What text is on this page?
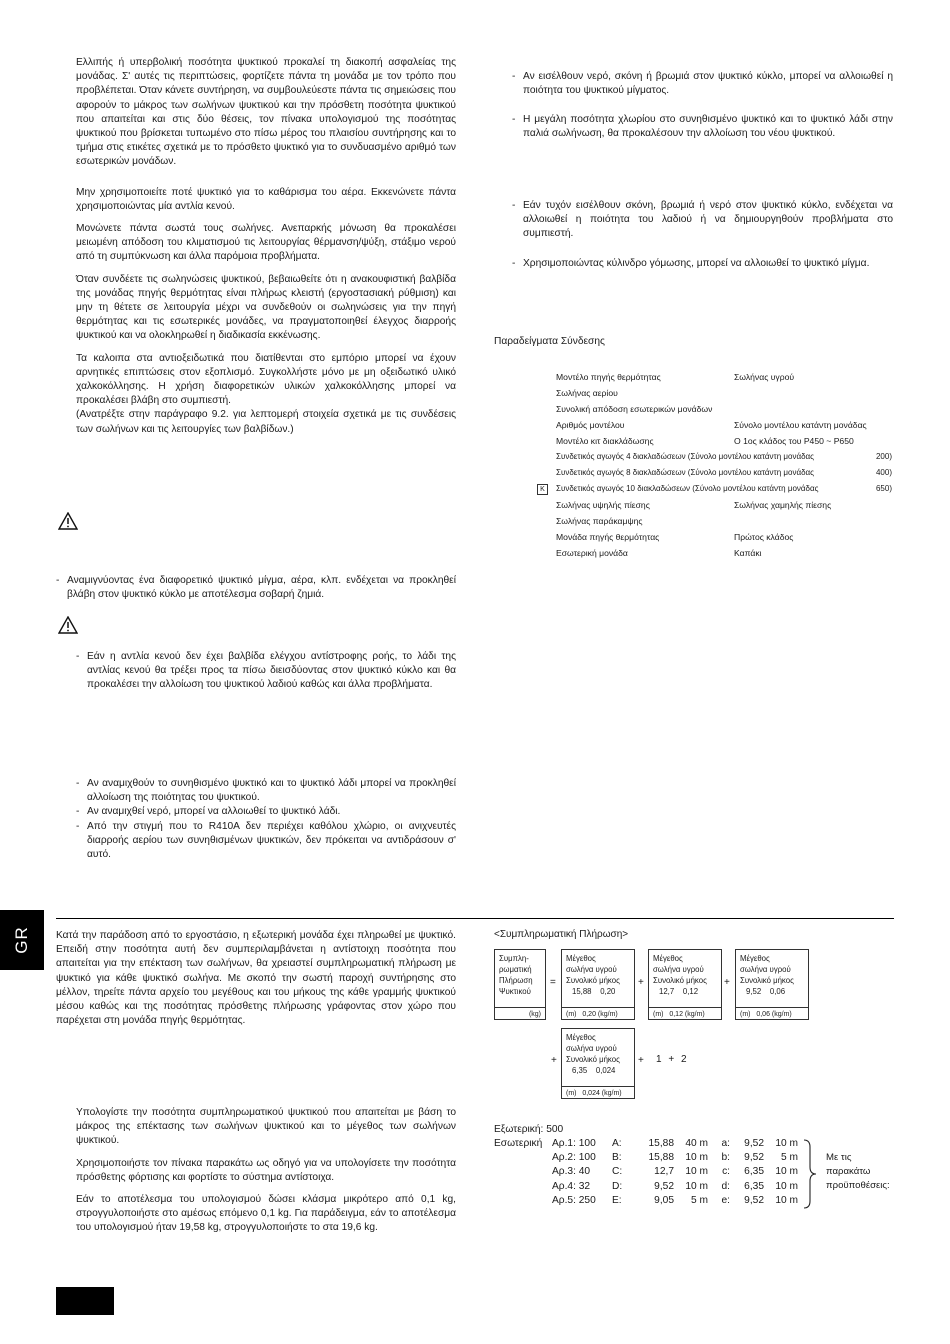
Ελλιπής ή υπερβολική ποσότητα ψυκτικού προκαλεί τη διακοπή ασφαλείας της μονάδας. Σ' αυτές τις περιπτώσεις, φορτίζετε πάντα τη μονάδα με τον τρόπο που προβλέπεται. Όταν κάνετε συντήρηση, να συμβουλεύεστε πάντα τις σημειώσεις που αφορούν το μάκρος των σωλήνων ψυκτικού και την πρόσθετη ποσότητα ψυκτικού που απαιτείται και στις δύο θέσεις, τον πίνακα υπολογισμού της ποσότητας ψυκτικού που βρίσκεται τυπωμένο στο πίσω μέρος του πλαισίου συντήρησης και το τμήμα στις ετικέτες σχετικά με το πρόσθετο ψυκτικό για το συνδυασμένο αριθμό των εσωτερικών μονάδων.

Μην χρησιμοποιείτε ποτέ ψυκτικό για το καθάρισμα του αέρα. Εκκενώνετε πάντα χρησιμοποιώντας μία αντλία κενού.

Μονώνετε πάντα σωστά τους σωλήνες. Ανεπαρκής μόνωση θα προκαλέσει μειωμένη απόδοση του κλιματισμού τις λειτουργίας θέρμανση/ψύξη, στάξιμο νερού από τη συμπύκνωση και άλλα παρόμοια προβλήματα.

Όταν συνδέετε τις σωληνώσεις ψυκτικού, βεβαιωθείτε ότι η ανακουφιστική βαλβίδα της μονάδας πηγής θερμότητας είναι πλήρως κλειστή (εργοστασιακή ρύθμιση) και μην τη θέτετε σε λειτουργία μέχρι να συνδεθούν οι σωληνώσεις για την πηγή θερμότητας και τις εσωτερικές μονάδες, να πραγματοποιηθεί έλεγχος διαρροής ψυκτικού και να ολοκληρωθεί η διαδικασία εκκένωσης.

Τα καλοιπα στα αντιοξειδωτικά που διατίθενται στο εμπόριο μπορεί να έχουν αρνητικές επιπτώσεις στον εξοπλισμό. Συγκολλήστε μόνο με μη οξειδωτικό υλικό χαλκοκόλλησης. Η χρήση διαφορετικών υλικών χαλκοκόλλησης μπορεί να προκαλέσει βλάβη στο συμπιεστή.

(Ανατρέξτε στην παράγραφο 9.2. για λεπτομερή στοιχεία σχετικά με τις συνδέσεις των σωλήνων και τις λειτουργίες των βαλβίδων.)

- Αναμιγνύοντας ένα διαφορετικό ψυκτικό μίγμα, αέρα, κλπ. ενδέχεται να προκληθεί βλάβη στον ψυκτικό κύκλο με αποτέλεσμα σοβαρή ζημιά.

- Εάν η αντλία κενού δεν έχει βαλβίδα ελέγχου αντίστροφης ροής, το λάδι της αντλίας κενού θα τρέξει προς τα πίσω διεισδύοντας στον ψυκτικό κύκλο και θα προκαλέσει την αλλοίωση του ψυκτικού λαδιού καθώς και άλλα προβλήματα.

- Αν αναμιχθούν το συνηθισμένο ψυκτικό και το ψυκτικό λάδι μπορεί να προκληθεί αλλοίωση της ποιότητας του ψυκτικού.

- Αν αναμιχθεί νερό, μπορεί να αλλοιωθεί το ψυκτικό λάδι.

- Από την στιγμή που το R410A δεν περιέχει καθόλου χλώριο, οι ανιχνευτές διαρροής αερίου των συνηθισμένων ψυκτικών, δεν πρόκειται να αντιδράσουν σ' αυτό.

- Αν εισέλθουν νερό, σκόνη ή βρωμιά στον ψυκτικό κύκλο, μπορεί να αλλοιωθεί η ποιότητα του ψυκτικού μίγματος.

- Η μεγάλη ποσότητα χλωρίου στο συνηθισμένο ψυκτικό και το ψυκτικό λάδι στην παλιά σωλήνωση, θα προκαλέσουν την αλλοίωση του νέου ψυκτικού.

- Εάν τυχόν εισέλθουν σκόνη, βρωμιά ή νερό στον ψυκτικό κύκλο, ενδέχεται να αλλοιωθεί η ποιότητα του λαδιού ή να δημιουργηθούν προβλήματα στο συμπιεστή.

- Χρησιμοποιώντας κύλινδρο γόμωσης, μπορεί να αλλοιωθεί το ψυκτικό μίγμα.

Παραδείγματα Σύνδεσης
Μοντέλο πηγής θερμότητας	Σωλήνας υγρού
Σωλήνας αερίου
Συνολική απόδοση εσωτερικών μονάδων
Αριθμός μοντέλου	Σύνολο μοντέλου κατάντη μονάδας
Μοντέλο κιτ διακλάδωσης	Ο 1ος κλάδος του P450 ~ P650
Συνδετικός αγωγός 4 διακλαδώσεων (Σύνολο μοντέλου κατάντη μονάδας	200)
Συνδετικός αγωγός 8 διακλαδώσεων (Σύνολο μοντέλου κατάντη μονάδας	400)
K	Συνδετικός αγωγός 10 διακλαδώσεων (Σύνολο μοντέλου κατάντη μονάδας	650)
Σωλήνας υψηλής πίεσης	Σωλήνας χαμηλής πίεσης
Σωλήνας παράκαμψης
Μονάδα πηγής θερμότητας	Πρώτος κλάδος
Εσωτερική μονάδα	Καπάκι
GR Κατά την παράδοση από το εργοστάσιο, η εξωτερική μονάδα έχει πληρωθεί με ψυκτικό. Επειδή στην ποσότητα αυτή δεν συμπεριλαμβάνεται η αντίστοιχη ποσότητα που απαιτείται για την επέκταση των σωλήνων, θα χρειαστεί συμπληρωματική πλήρωση με ψυκτικό για κάθε ψυκτικό σωλήνα. Με σκοπό την σωστή παροχή συντήρησης στο μέλλον, τηρείτε πάντα αρχείο του μεγέθους και του μήκους της κάθε γραμμής ψυκτικού μέσου καθώς και της ποσότητας πρόσθετης πλήρωσης γράφοντας στον χώρο που παρέχεται στη μονάδα πηγής θερμότητας.

Υπολογίστε την ποσότητα συμπληρωματικού ψυκτικού που απαιτείται με βάση το μάκρος της επέκτασης των σωλήνων ψυκτικού και το μέγεθος των σωλήνων ψυκτικού.

Χρησιμοποιήστε τον πίνακα παρακάτω ως οδηγό για να υπολογίσετε την ποσότητα πρόσθετης φόρτισης και φορτίστε το σύστημα αντίστοιχα.

Εάν το αποτέλεσμα του υπολογισμού δώσει κλάσμα μικρότερο από 0,1 kg, στρογγυλοποιήστε στο αμέσως επόμενο 0,1 kg. Για παράδειγμα, εάν το αποτέλεσμα του υπολογισμού ήταν 19,58 kg, στρογγυλοποιήστε το στα 19,6 kg.

<Συμπληρωματική Πλήρωση>
Συμπλη-
ρωματική
Πλήρωση
Ψυκτικού
(kg)
=
Μέγεθος
σωλήνα υγρού
Συνολικό μήκος
15,88 0,20
(m) 0,20 (kg/m)
+
Μέγεθος
σωλήνα υγρού
Συνολικό μήκος
12,7 0,12
(m) 0,12 (kg/m)
+
Μέγεθος
σωλήνα υγρού
Συνολικό μήκος
9,52 0,06
(m) 0,06 (kg/m)
+
Μέγεθος
σωλήνα υγρού
Συνολικό μήκος
6,35 0,024
(m) 0,024 (kg/m)
+ 1 + 2
Εξωτερική: 500
Εσωτερική Αρ.1: 100	A:	15,88	40 m	a:	9,52	10 m
Αρ.2: 100	B:	15,88	10 m	b:	9,52	5 m
Αρ.3: 40	C:	12,7	10 m	c:	6,35	10 m
Αρ.4: 32	D:	9,52	10 m	d:	6,35	10 m
Αρ.5: 250	E:	9,05	5 m	e:	9,52	10 m
Με τις
παρακάτω
προϋποθέσεις:
